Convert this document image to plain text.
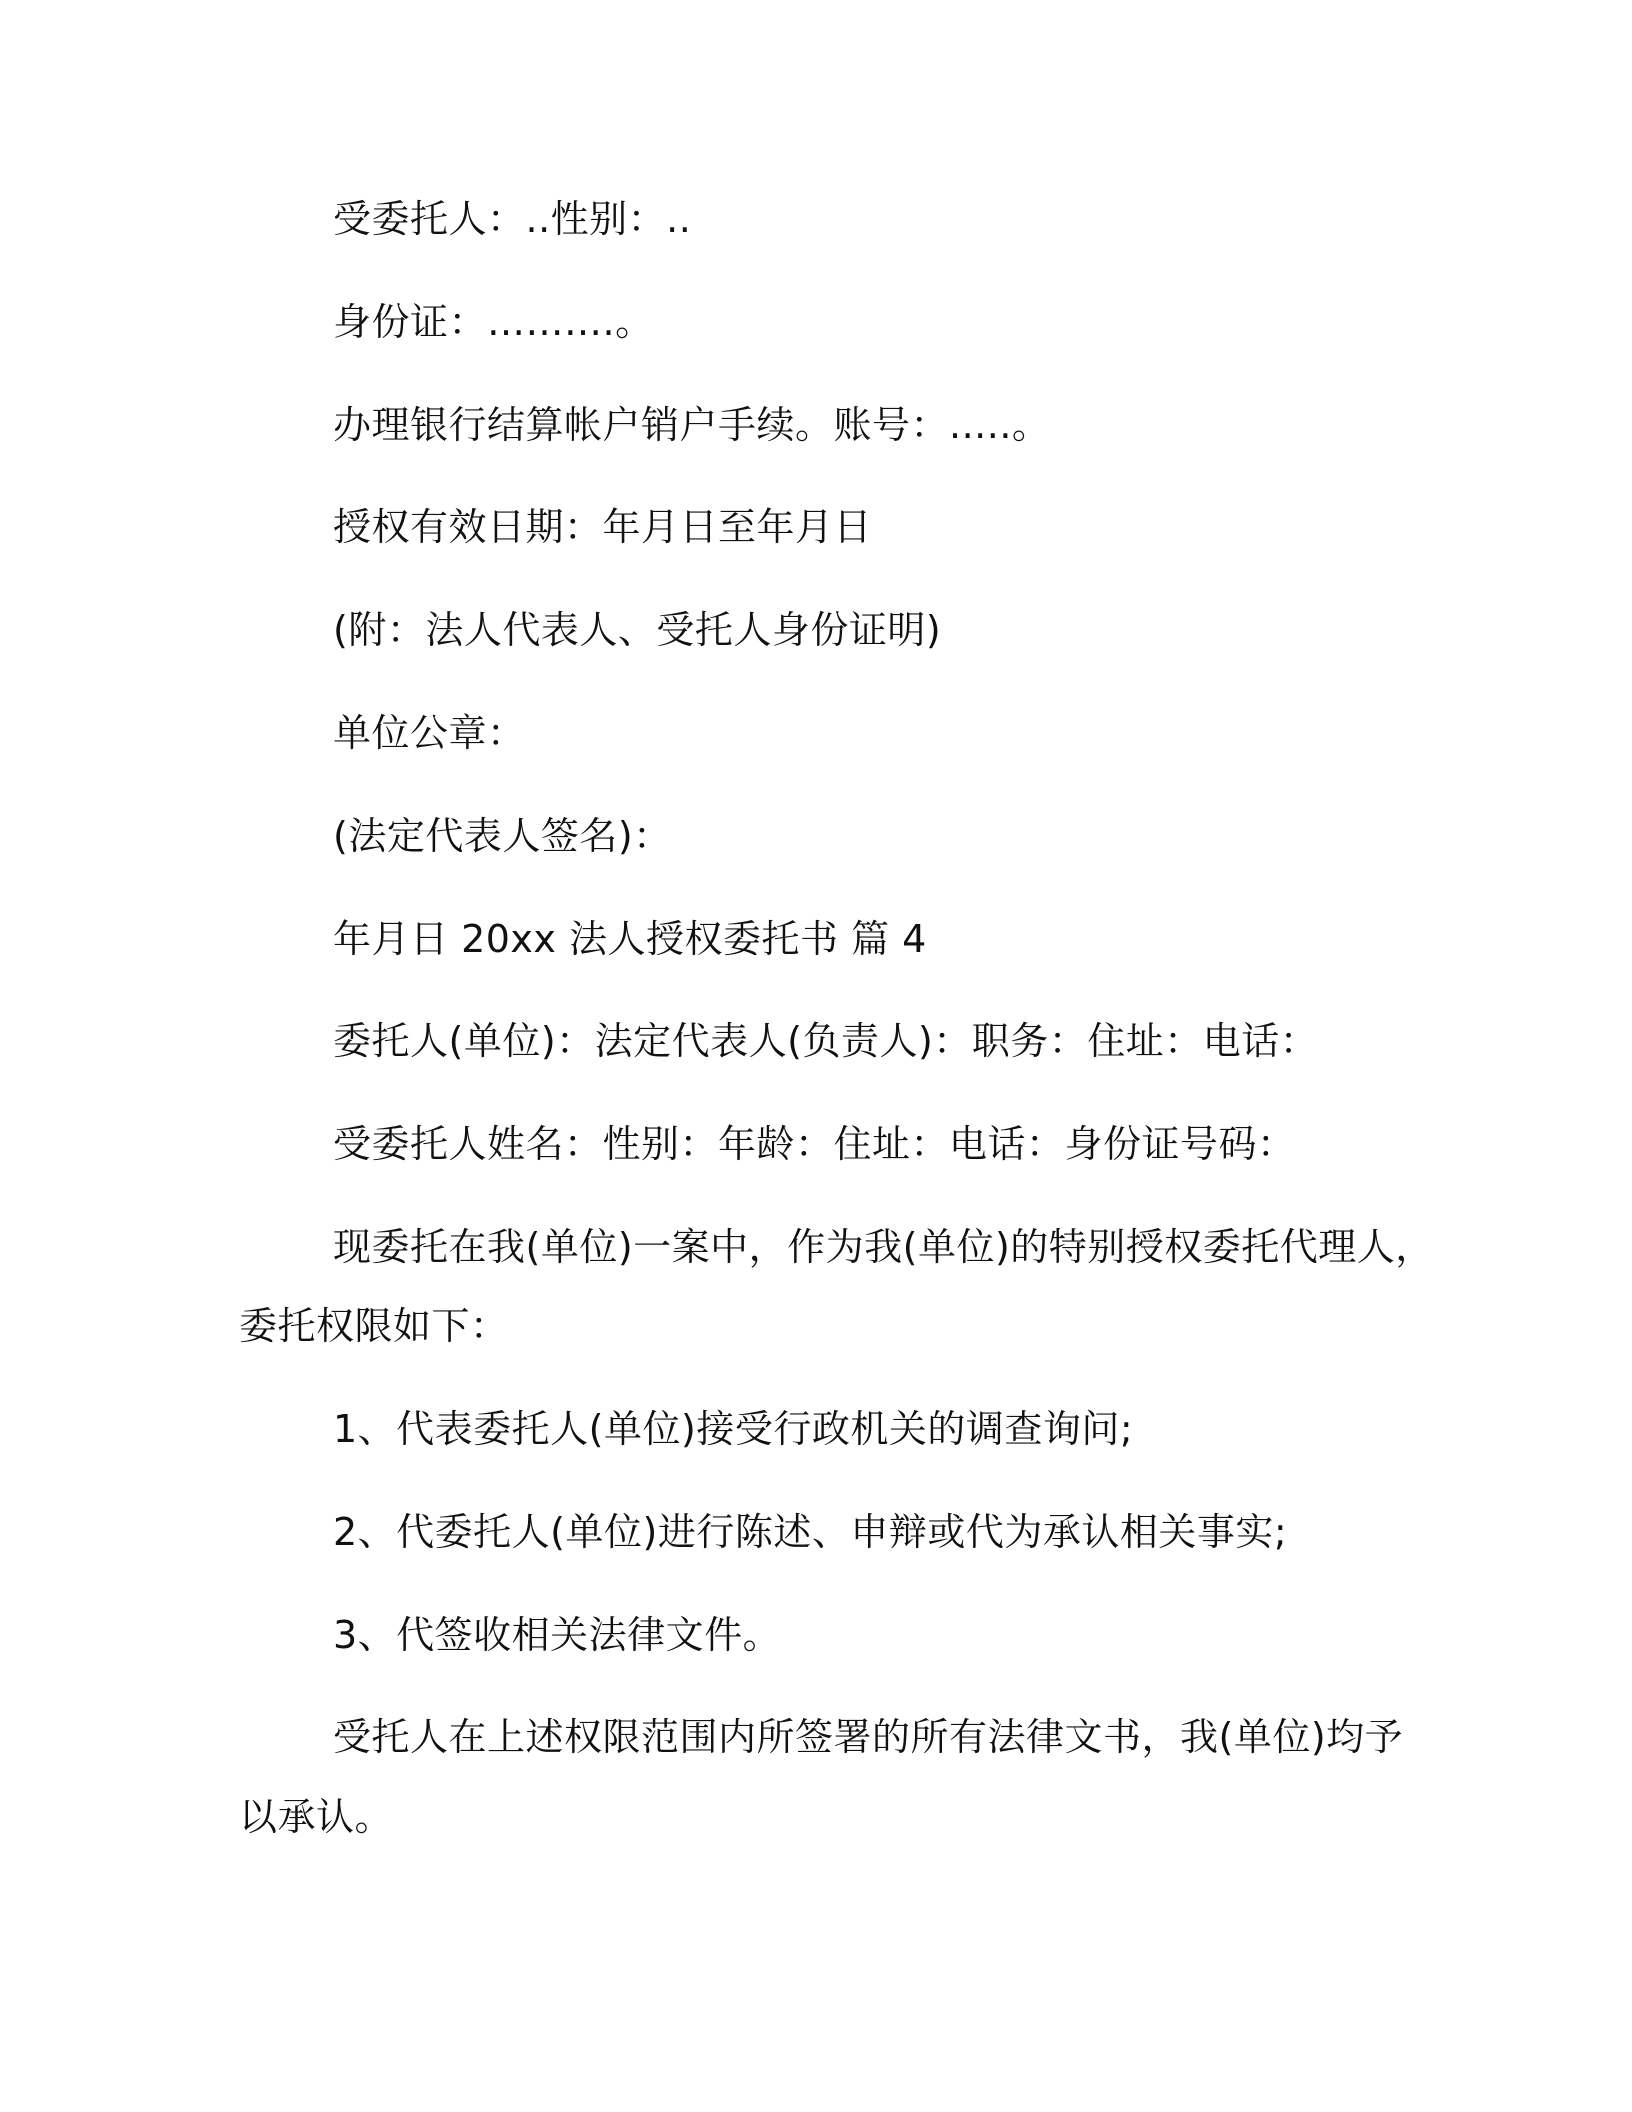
受委托人：..性别：..
身份证：……….。
办理银行结算帐户销户手续。账号：.....。
授权有效日期：年月日至年月日
(附：法人代表人、受托人身份证明)
单位公章：
(法定代表人签名)：
年月日 20xx 法人授权委托书 篇 4
委托人(单位)：法定代表人(负责人)：职务：住址：电话：
受委托人姓名：性别：年龄：住址：电话：身份证号码：
现委托在我(单位)一案中，作为我(单位)的特别授权委托代理人，
委托权限如下：
1、代表委托人(单位)接受行政机关的调查询问;
2、代委托人(单位)进行陈述、申辩或代为承认相关事实;
3、代签收相关法律文件。
受托人在上述权限范围内所签署的所有法律文书，我(单位)均予
以承认。
